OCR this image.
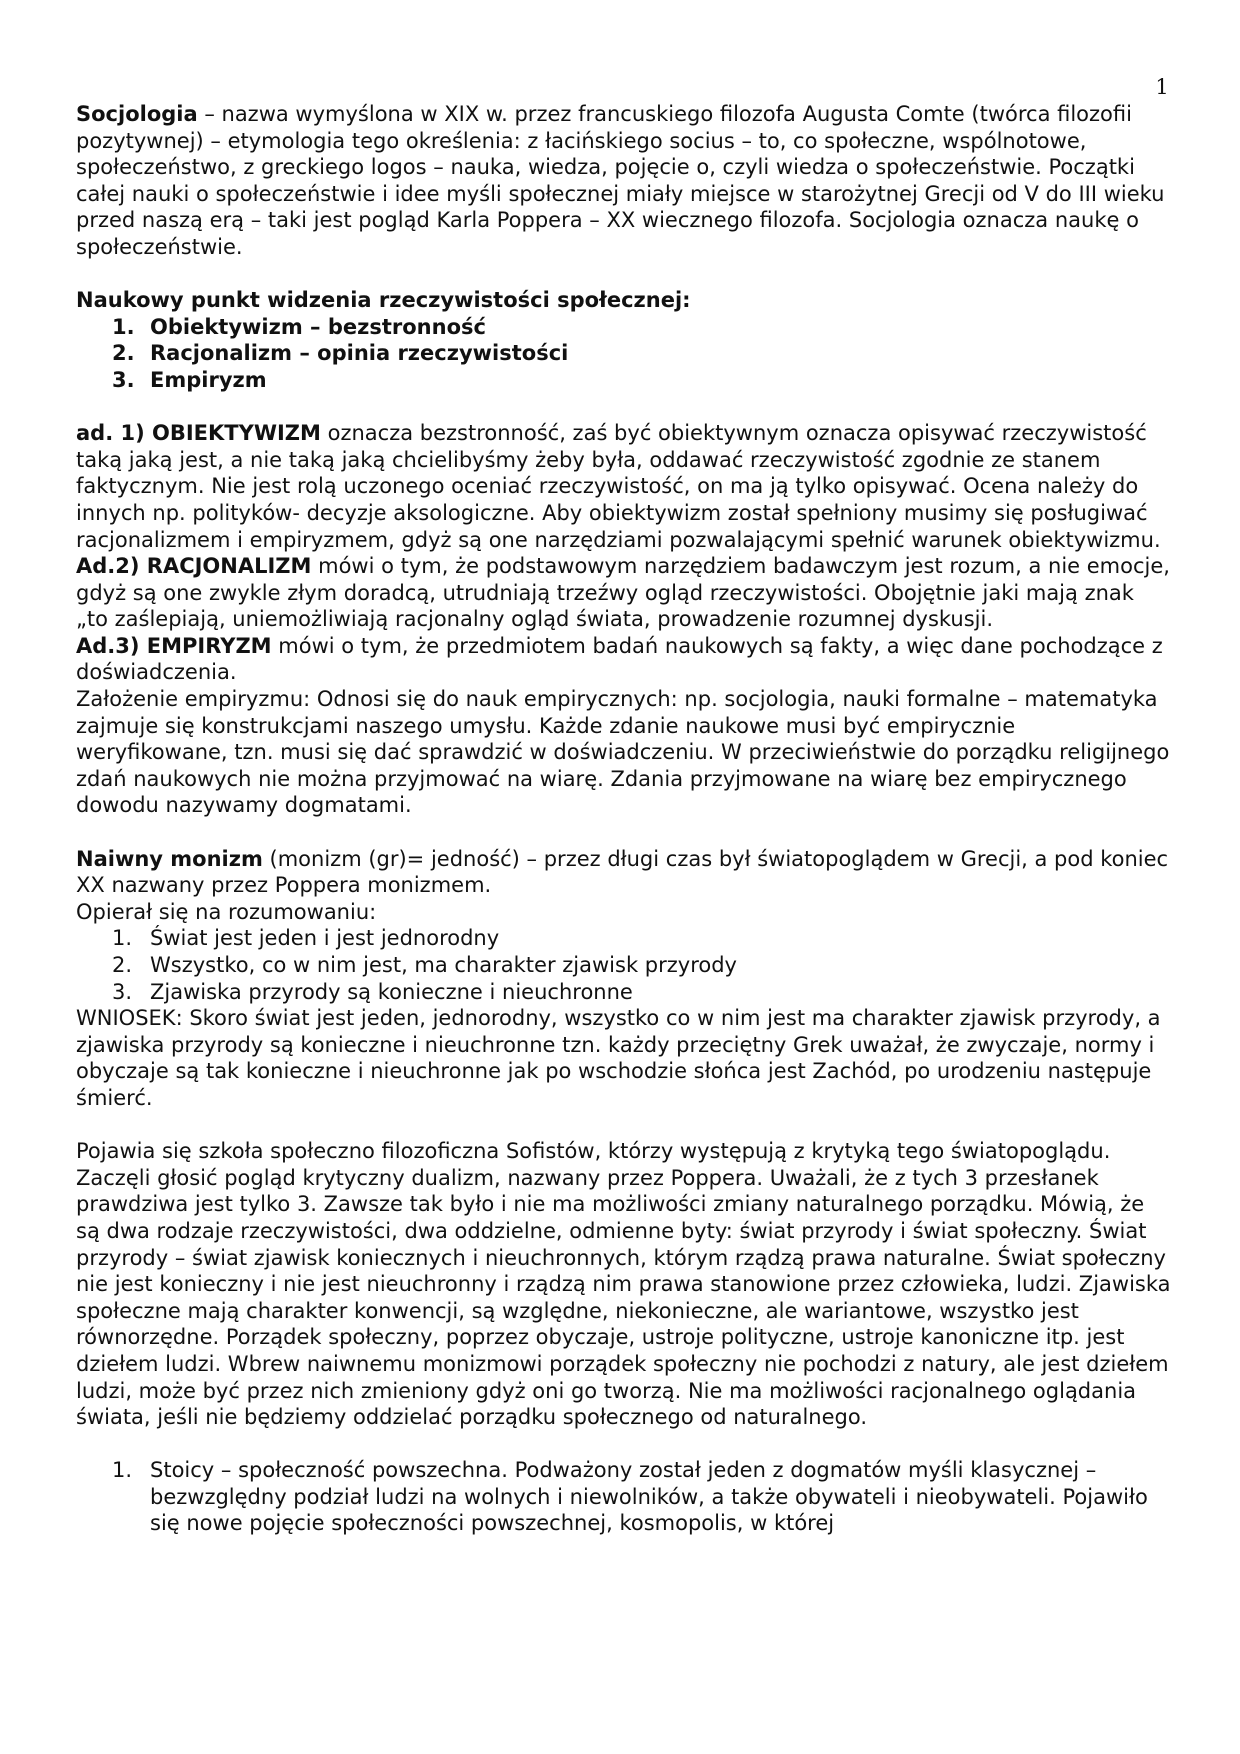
1

Socjologia – nazwa wymyślona w XIX w. przez francuskiego filozofa Augusta Comte (twórca filozofii pozytywnej) – etymologia tego określenia: z łacińskiego socius – to, co społeczne, wspólnotowe, społeczeństwo, z greckiego logos – nauka, wiedza, pojęcie o, czyli wiedza o społeczeństwie. Początki całej nauki o społeczeństwie i idee myśli społecznej miały miejsce w starożytnej Grecji od V do III wieku przed naszą erą – taki jest pogląd Karla Poppera – XX wiecznego filozofa. Socjologia oznacza naukę o społeczeństwie.

Naukowy punkt widzenia rzeczywistości społecznej:

1. Obiektywizm – bezstronność
2. Racjonalizm – opinia rzeczywistości
3. Empiryzm

ad. 1) OBIEKTYWIZM oznacza bezstronność, zaś być obiektywnym oznacza opisywać rzeczywistość taką jaką jest, a nie taką jaką chcielibyśmy żeby była, oddawać rzeczywistość zgodnie ze stanem faktycznym. Nie jest rolą uczonego oceniać rzeczywistość, on ma ją tylko opisywać. Ocena należy do innych np. polityków- decyzje aksologiczne. Aby obiektywizm został spełniony musimy się posługiwać racjonalizmem i empiryzmem, gdyż są one narzędziami pozwalającymi spełnić warunek obiektywizmu.

Ad.2) RACJONALIZM mówi o tym, że podstawowym narzędziem badawczym jest rozum, a nie emocje, gdyż są one zwykle złym doradcą, utrudniają trzeźwy ogląd rzeczywistości. Obojętnie jaki mają znak „to zaślepiają, uniemożliwiają racjonalny ogląd świata, prowadzenie rozumnej dyskusji.

Ad.3) EMPIRYZM mówi o tym, że przedmiotem badań naukowych są fakty, a więc dane pochodzące z doświadczenia.

Założenie empiryzmu: Odnosi się do nauk empirycznych: np. socjologia, nauki formalne – matematyka zajmuje się konstrukcjami naszego umysłu. Każde zdanie naukowe musi być empirycznie weryfikowane, tzn. musi się dać sprawdzić w doświadczeniu. W przeciwieństwie do porządku religijnego zdań naukowych nie można przyjmować na wiarę. Zdania przyjmowane na wiarę bez empirycznego dowodu nazywamy dogmatami.

Naiwny monizm (monizm (gr)= jedność) – przez długi czas był światopoglądem w Grecji, a pod koniec XX nazwany przez Poppera monizmem.

Opierał się na rozumowaniu:

1. Świat jest jeden i jest jednorodny
2. Wszystko, co w nim jest, ma charakter zjawisk przyrody
3. Zjawiska przyrody są konieczne i nieuchronne

WNIOSEK: Skoro świat jest jeden, jednorodny, wszystko co w nim jest ma charakter zjawisk przyrody, a zjawiska przyrody są konieczne i nieuchronne tzn. każdy przeciętny Grek uważał, że zwyczaje, normy i obyczaje są tak konieczne i nieuchronne jak po wschodzie słońca jest Zachód, po urodzeniu następuje śmierć.

Pojawia się szkoła społeczno filozoficzna Sofistów, którzy występują z krytyką tego światopoglądu. Zaczęli głosić pogląd krytyczny dualizm, nazwany przez Poppera. Uważali, że z tych 3 przesłanek prawdziwa jest tylko 3. Zawsze tak było i nie ma możliwości zmiany naturalnego porządku. Mówią, że są dwa rodzaje rzeczywistości, dwa oddzielne, odmienne byty: świat przyrody i świat społeczny. Świat przyrody – świat zjawisk koniecznych i nieuchronnych, którym rządzą prawa naturalne. Świat społeczny nie jest konieczny i nie jest nieuchronny i rządzą nim prawa stanowione przez człowieka, ludzi. Zjawiska społeczne mają charakter konwencji, są względne, niekonieczne, ale wariantowe, wszystko jest równorzędne. Porządek społeczny, poprzez obyczaje, ustroje polityczne, ustroje kanoniczne itp. jest dziełem ludzi. Wbrew naiwnemu monizmowi porządek społeczny nie pochodzi z natury, ale jest dziełem ludzi, może być przez nich zmieniony gdyż oni go tworzą. Nie ma możliwości racjonalnego oglądania świata, jeśli nie będziemy oddzielać porządku społecznego od naturalnego.

1. Stoicy – społeczność powszechna. Podważony został jeden z dogmatów myśli klasycznej – bezwzględny podział ludzi na wolnych i niewolników, a także obywateli i nieobywateli. Pojawiło się nowe pojęcie społeczności powszechnej, kosmopolis, w której
